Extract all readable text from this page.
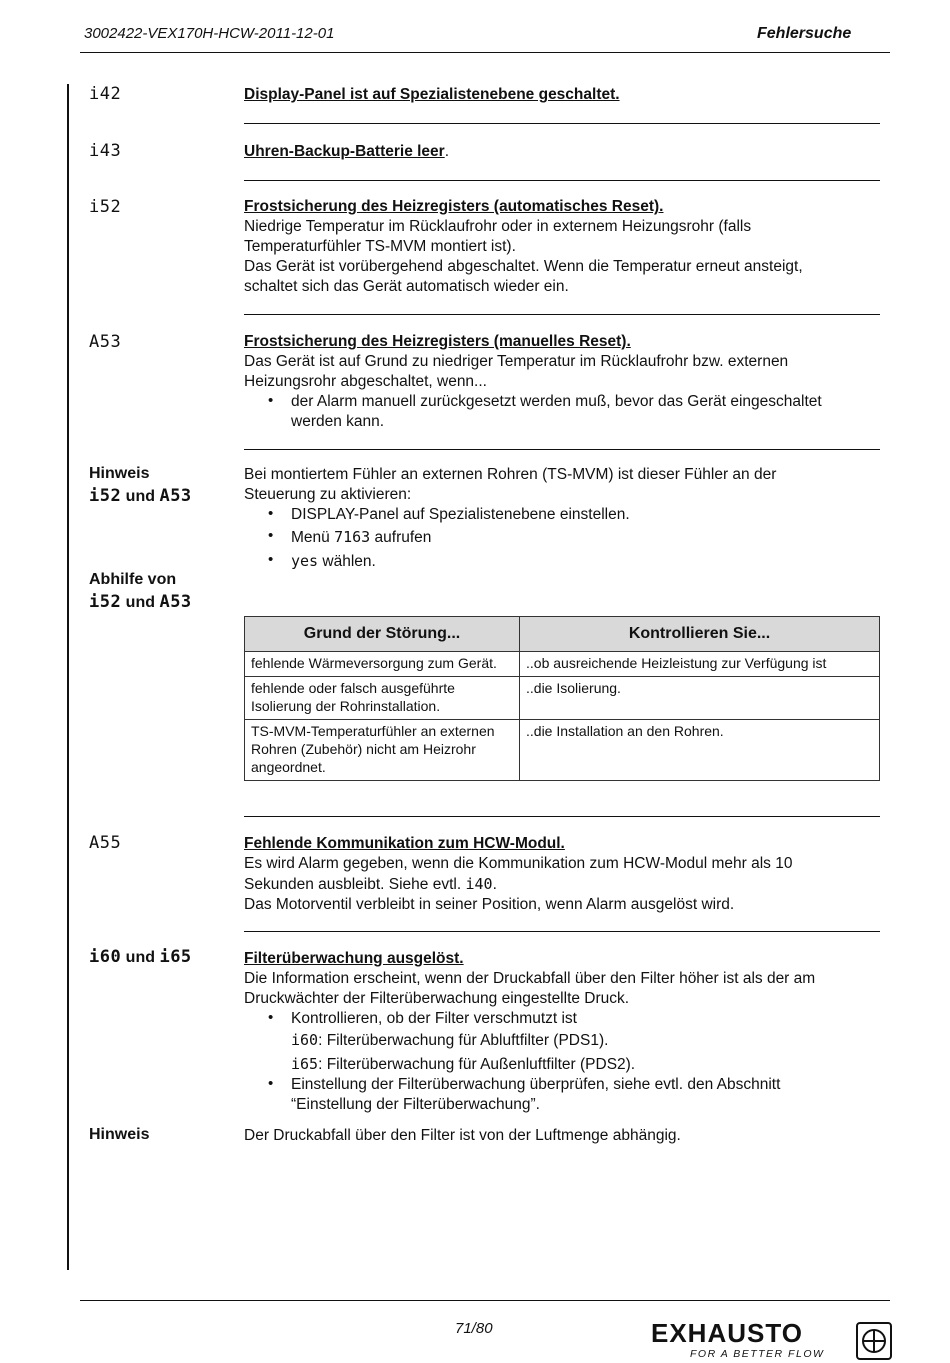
3002422-VEX170H-HCW-2011-12-01	Fehlersuche
i42	Display-Panel ist auf Spezialistenebene geschaltet.
i43	Uhren-Backup-Batterie leer.
i52	Frostsicherung des Heizregisters (automatisches Reset).
Niedrige Temperatur im Rücklaufrohr oder in externem Heizungsrohr (falls
Temperaturfühler TS-MVM montiert ist).
Das Gerät ist vorübergehend abgeschaltet. Wenn die Temperatur erneut ansteigt,
schaltet sich das Gerät automatisch wieder ein.
A53	Frostsicherung des Heizregisters (manuelles Reset).
Das Gerät ist auf Grund zu niedriger Temperatur im Rücklaufrohr bzw. externen
Heizungsrohr abgeschaltet, wenn...
• der Alarm manuell zurückgesetzt werden muß, bevor das Gerät eingeschaltet
werden kann.
Hinweis
i52 und A53
Bei montiertem Fühler an externen Rohren (TS-MVM) ist dieser Fühler an der
Steuerung zu aktivieren:
• DISPLAY-Panel auf Spezialistenebene einstellen.
• Menü 7163 aufrufen
• yes wählen.
Abhilfe von
i52 und A53
Grund der Störung...	Kontrollieren Sie...
fehlende Wärmeversorgung zum Gerät.	..ob ausreichende Heizleistung zur Verfügung ist
fehlende oder falsch ausgeführte Isolierung der Rohrinstallation.	..die Isolierung.
TS-MVM-Temperaturfühler an externen Rohren (Zubehör) nicht am Heizrohr angeordnet.	..die Installation an den Rohren.
A55	Fehlende Kommunikation zum HCW-Modul.
Es wird Alarm gegeben, wenn die Kommunikation zum HCW-Modul mehr als 10
Sekunden ausbleibt. Siehe evtl. i40.
Das Motorventil verbleibt in seiner Position, wenn Alarm ausgelöst wird.
i60 und i65	Filterüberwachung ausgelöst.
Die Information erscheint, wenn der Druckabfall über den Filter höher ist als der am
Druckwächter der Filterüberwachung eingestellte Druck.
• Kontrollieren, ob der Filter verschmutzt ist
i60: Filterüberwachung für Abluftfilter (PDS1).
i65: Filterüberwachung für Außenluftfilter (PDS2).
• Einstellung der Filterüberwachung überprüfen, siehe evtl. den Abschnitt
“Einstellung der Filterüberwachung”.
Hinweis	Der Druckabfall über den Filter ist von der Luftmenge abhängig.
71/80	EXHAUSTO
FOR A BETTER FLOW
